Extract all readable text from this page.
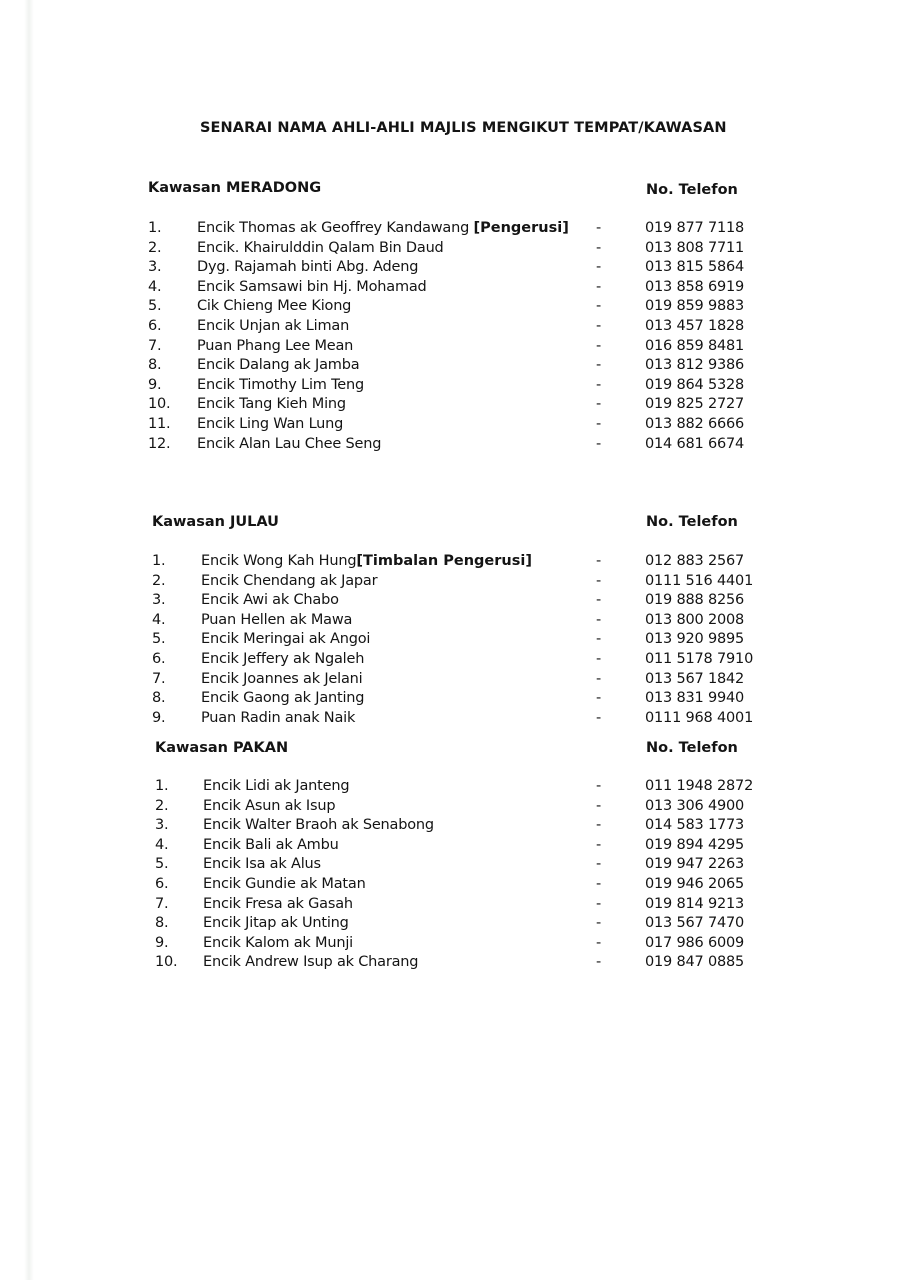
SENARAI NAMA AHLI-AHLI MAJLIS MENGIKUT TEMPAT/KAWASAN
Kawasan MERADONG	No. Telefon
1. Encik Thomas ak Geoffrey Kandawang [Pengerusi] -	019 877 7118
2. Encik. Khairulddin Qalam Bin Daud	-	013 808 7711
3. Dyg. Rajamah binti Abg. Adeng	-	013 815 5864
4. Encik Samsawi bin Hj. Mohamad	-	013 858 6919
5. Cik Chieng Mee Kiong	-	019 859 9883
6. Encik Unjan ak Liman	-	013 457 1828
7. Puan Phang Lee Mean	-	016 859 8481
8. Encik Dalang ak Jamba	-	013 812 9386
9. Encik Timothy Lim Teng	-	019 864 5328
10. Encik Tang Kieh Ming	-	019 825 2727
11. Encik Ling Wan Lung	-	013 882 6666
12. Encik Alan Lau Chee Seng	-	014 681 6674
Kawasan JULAU	No. Telefon
1. Encik Wong Kah Hung[Timbalan Pengerusi]	-	012 883 2567
2. Encik Chendang ak Japar	-	0111 516 4401
3. Encik Awi ak Chabo	-	019 888 8256
4. Puan Hellen ak Mawa	-	013 800 2008
5. Encik Meringai ak Angoi	-	013 920 9895
6. Encik Jeffery ak Ngaleh	-	011 5178 7910
7. Encik Joannes ak Jelani	-	013 567 1842
8. Encik Gaong ak Janting	-	013 831 9940
9. Puan Radin anak Naik	-	0111 968 4001
Kawasan PAKAN	No. Telefon
1. Encik Lidi ak Janteng	-	011 1948 2872
2. Encik Asun ak Isup	-	013 306 4900
3. Encik Walter Braoh ak Senabong	-	014 583 1773
4. Encik Bali ak Ambu	-	019 894 4295
5. Encik Isa ak Alus	-	019 947 2263
6. Encik Gundie ak Matan	-	019 946 2065
7. Encik Fresa ak Gasah	-	019 814 9213
8. Encik Jitap ak Unting	-	013 567 7470
9. Encik Kalom ak Munji	-	017 986 6009
10. Encik Andrew Isup ak Charang	-	019 847 0885
